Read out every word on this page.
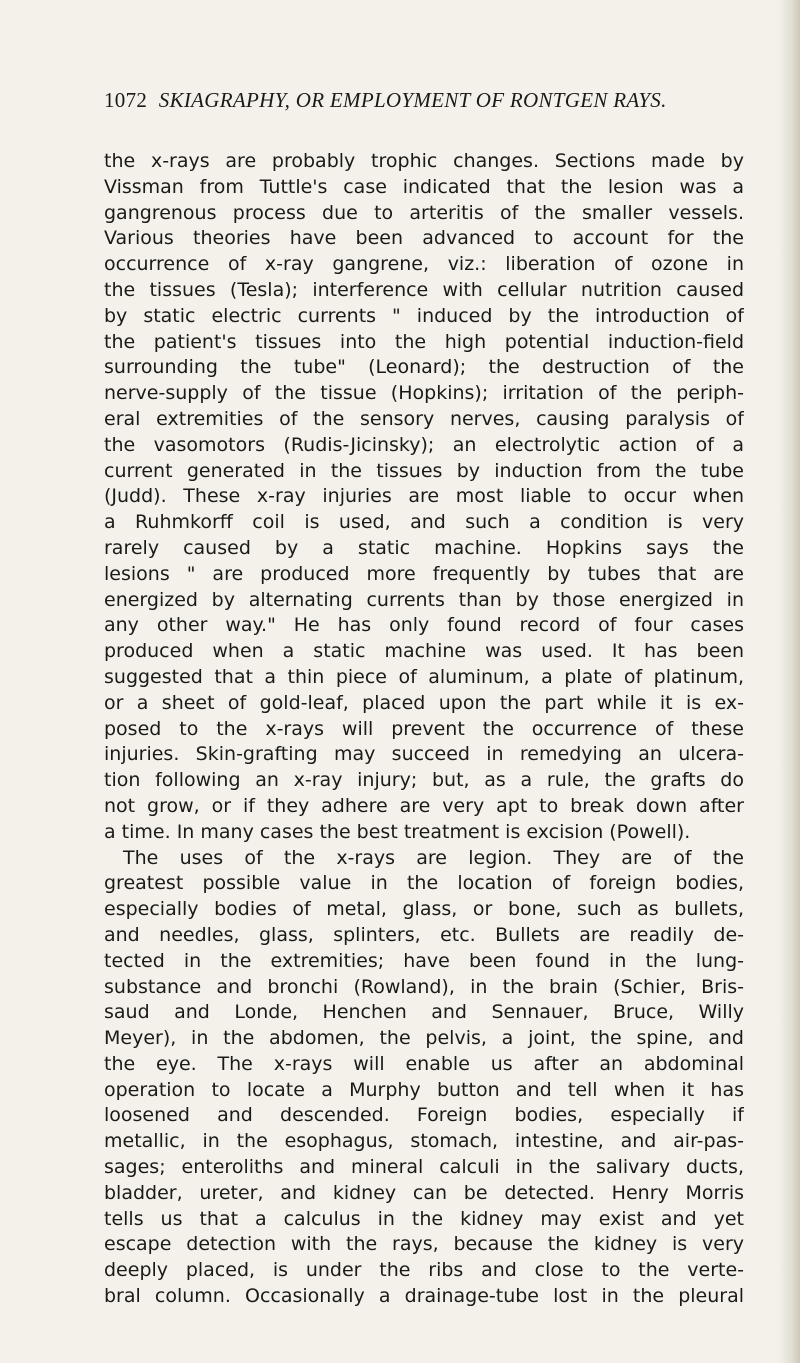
1072 SKIAGRAPHY, OR EMPLOYMENT OF RONTGEN RAYS.
the x-rays are probably trophic changes. Sections made by
Vissman from Tuttle's case indicated that the lesion was a
gangrenous process due to arteritis of the smaller vessels.
Various theories have been advanced to account for the
occurrence of x-ray gangrene, viz.: liberation of ozone in
the tissues (Tesla); interference with cellular nutrition caused
by static electric currents " induced by the introduction of
the patient's tissues into the high potential induction-field
surrounding the tube" (Leonard); the destruction of the
nerve-supply of the tissue (Hopkins); irritation of the periph-
eral extremities of the sensory nerves, causing paralysis of
the vasomotors (Rudis-Jicinsky); an electrolytic action of a
current generated in the tissues by induction from the tube
(Judd). These x-ray injuries are most liable to occur when
a Ruhmkorff coil is used, and such a condition is very
rarely caused by a static machine. Hopkins says the
lesions " are produced more frequently by tubes that are
energized by alternating currents than by those energized in
any other way." He has only found record of four cases
produced when a static machine was used. It has been
suggested that a thin piece of aluminum, a plate of platinum,
or a sheet of gold-leaf, placed upon the part while it is ex-
posed to the x-rays will prevent the occurrence of these
injuries. Skin-grafting may succeed in remedying an ulcera-
tion following an x-ray injury; but, as a rule, the grafts do
not grow, or if they adhere are very apt to break down after
a time. In many cases the best treatment is excision (Powell).
The uses of the x-rays are legion. They are of the
greatest possible value in the location of foreign bodies,
especially bodies of metal, glass, or bone, such as bullets,
and needles, glass, splinters, etc. Bullets are readily de-
tected in the extremities; have been found in the lung-
substance and bronchi (Rowland), in the brain (Schier, Bris-
saud and Londe, Henchen and Sennauer, Bruce, Willy
Meyer), in the abdomen, the pelvis, a joint, the spine, and
the eye. The x-rays will enable us after an abdominal
operation to locate a Murphy button and tell when it has
loosened and descended. Foreign bodies, especially if
metallic, in the esophagus, stomach, intestine, and air-pas-
sages; enteroliths and mineral calculi in the salivary ducts,
bladder, ureter, and kidney can be detected. Henry Morris
tells us that a calculus in the kidney may exist and yet
escape detection with the rays, because the kidney is very
deeply placed, is under the ribs and close to the verte-
bral column. Occasionally a drainage-tube lost in the pleural
